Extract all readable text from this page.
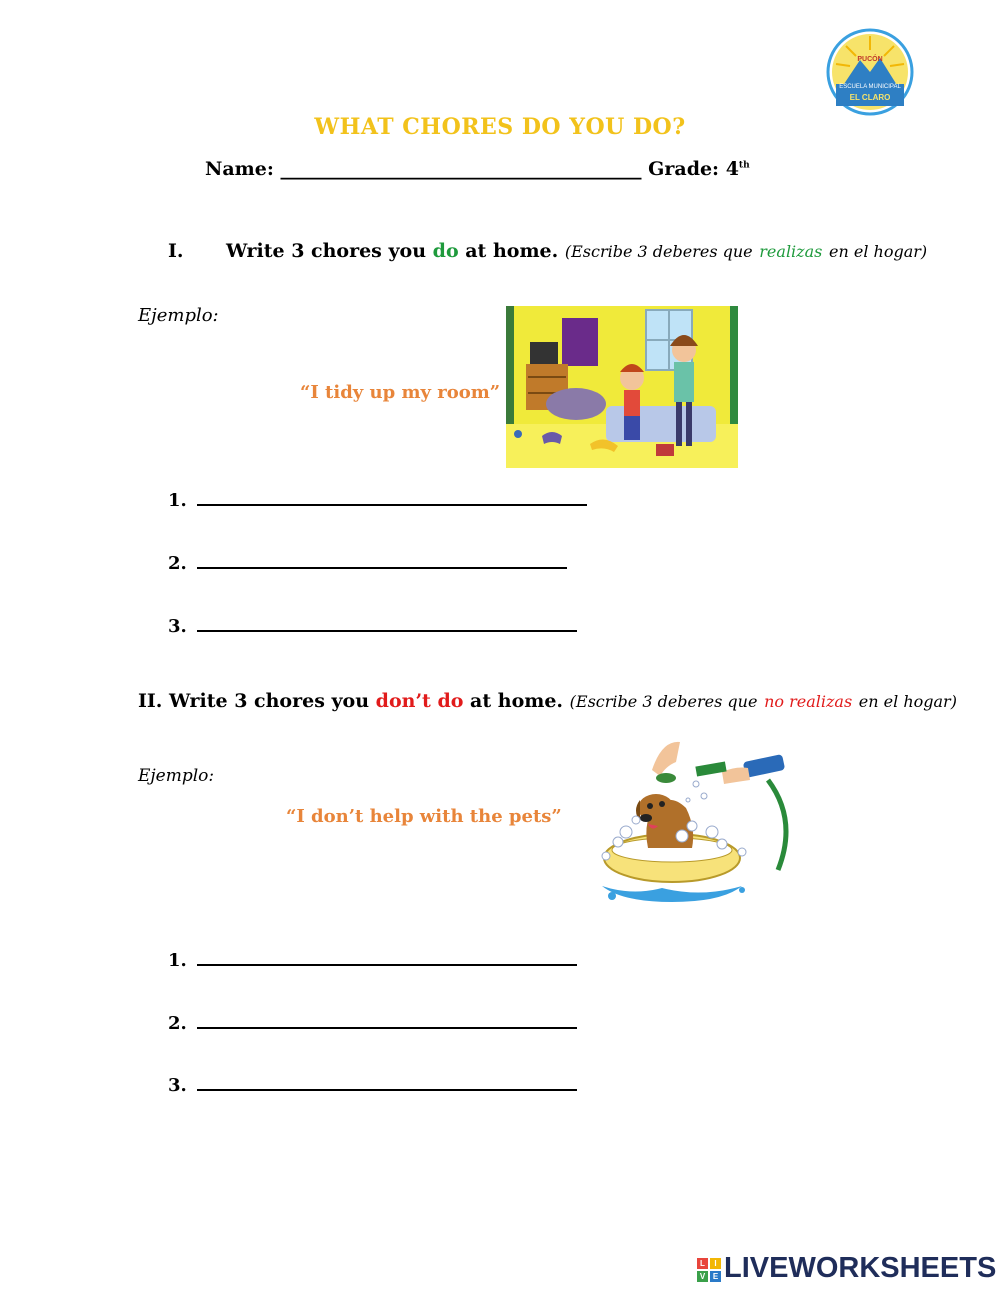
PUCÓN
ESCUELA MUNICIPAL
EL CLARO
WHAT CHORES DO YOU DO?
Name: ______________________________________ Grade: 4th
I. Write 3 chores you do at home. (Escribe 3 deberes que realizas en el hogar)
Ejemplo:
“I tidy up my room”
1.
2.
3.
II. Write 3 chores you don’t do at home. (Escribe 3 deberes que no realizas en el hogar)
Ejemplo:
“I don’t help with the pets”
1.
2.
3.
L	I
V E LIVEWORKSHEETS
